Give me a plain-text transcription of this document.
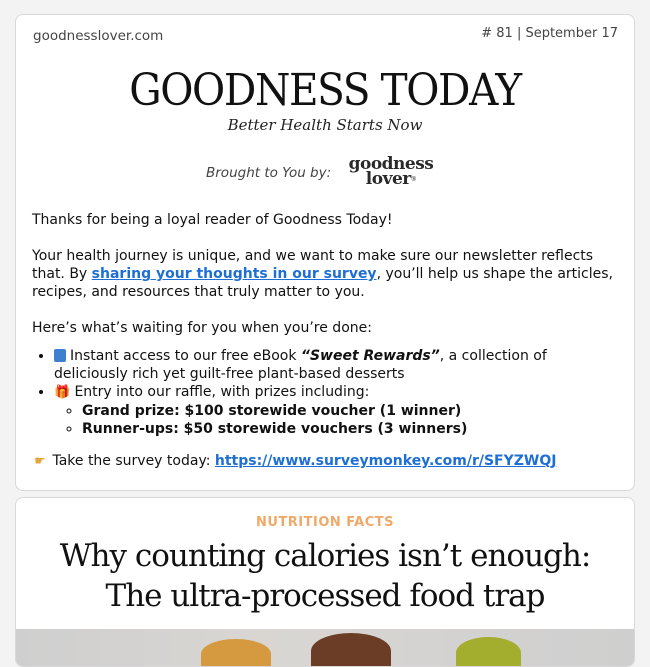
goodnesslover.com	# 81 | September 17
GOODNESS TODAY
Better Health Starts Now
Brought to You by:	goodness
lover®

Thanks for being a loyal reader of Goodness Today!

Your health journey is unique, and we want to make sure our newsletter reflects that. By sharing your thoughts in our survey, you’ll help us shape the articles, recipes, and resources that truly matter to you.

Here’s what’s waiting for you when you’re done:

• Instant access to our free eBook “Sweet Rewards”, a collection of deliciously rich yet guilt-free plant-based desserts
• 🎁 Entry into our raffle, with prizes including:
◦ Grand prize: $100 storewide voucher (1 winner)
◦ Runner-ups: $50 storewide vouchers (3 winners)

☛ Take the survey today: https://www.surveymonkey.com/r/SFYZWQJ

NUTRITION FACTS
Why counting calories isn’t enough:
The ultra-processed food trap
